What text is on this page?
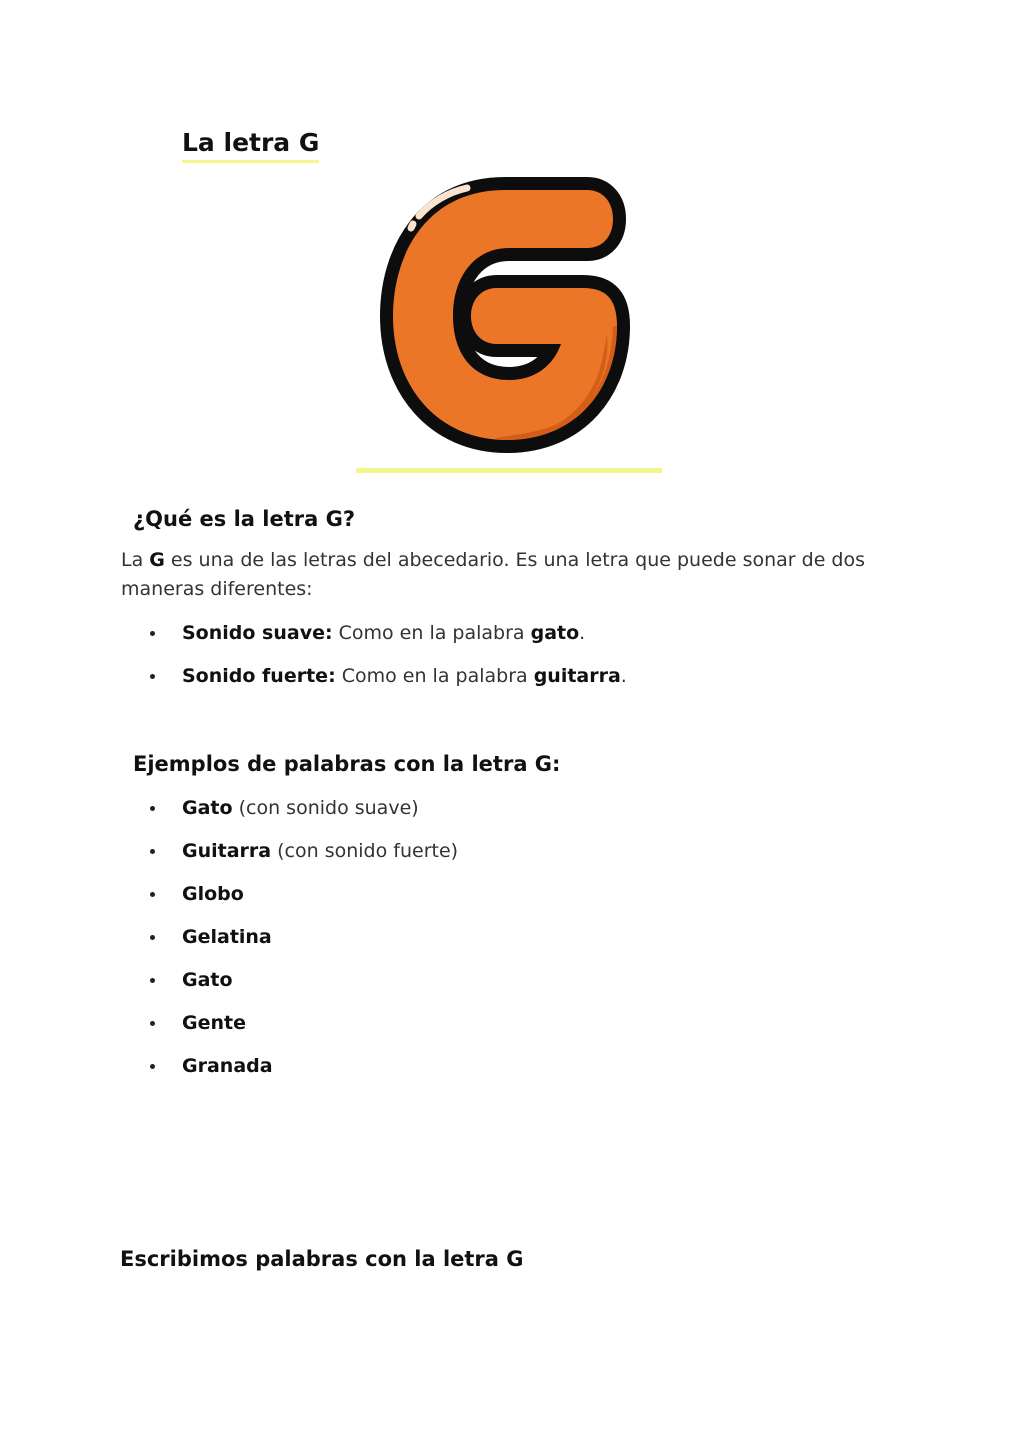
La letra G
¿Qué es la letra G?
La G es una de las letras del abecedario. Es una letra que puede sonar de dos maneras diferentes:
Sonido suave: Como en la palabra gato.
Sonido fuerte: Como en la palabra guitarra.
Ejemplos de palabras con la letra G:
Gato (con sonido suave)
Guitarra (con sonido fuerte)
Globo
Gelatina
Gato
Gente
Granada
Escribimos palabras con la letra G
